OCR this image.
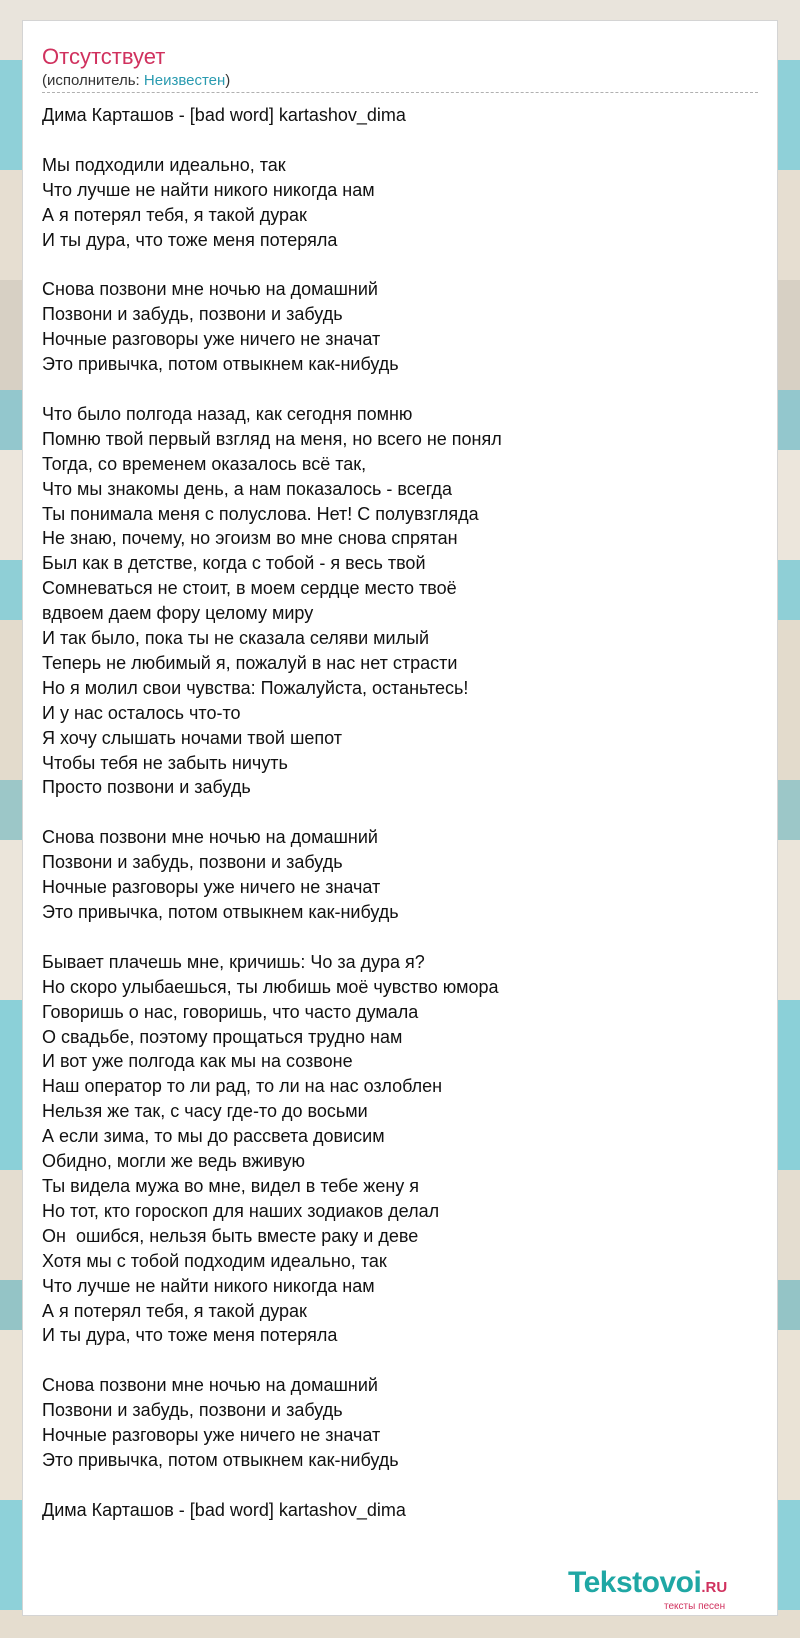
Отсутствует
(исполнитель: Неизвестен)
Дима Карташов - [bad word] kartashov_dima

Мы подходили идеально, так
Что лучше не найти никого никогда нам
А я потерял тебя, я такой дурак
И ты дура, что тоже меня потеряла

Снова позвони мне ночью на домашний
Позвони и забудь, позвони и забудь
Ночные разговоры уже ничего не значат
Это привычка, потом отвыкнем как-нибудь

Что было полгода назад, как сегодня помню
Помню твой первый взгляд на меня, но всего не понял
Тогда, со временем оказалось всё так,
Что мы знакомы день, а нам показалось - всегда
Ты понимала меня с полуслова. Нет! С полувзгляда
Не знаю, почему, но эгоизм во мне снова спрятан
Был как в детстве, когда с тобой - я весь твой
Сомневаться не стоит, в моем сердце место твоё
вдвоем даем фору целому миру
И так было, пока ты не сказала селяви милый
Теперь не любимый я, пожалуй в нас нет страсти
Но я молил свои чувства: Пожалуйста, останьтесь!
И у нас осталось что-то
Я хочу слышать ночами твой шепот
Чтобы тебя не забыть ничуть
Просто позвони и забудь

Снова позвони мне ночью на домашний
Позвони и забудь, позвони и забудь
Ночные разговоры уже ничего не значат
Это привычка, потом отвыкнем как-нибудь

Бывает плачешь мне, кричишь: Чо за дура я?
Но скоро улыбаешься, ты любишь моё чувство юмора
Говоришь о нас, говоришь, что часто думала
О свадьбе, поэтому прощаться трудно нам
И вот уже полгода как мы на созвоне
Наш оператор то ли рад, то ли на нас озлоблен
Нельзя же так, с часу где-то до восьми
А если зима, то мы до рассвета довисим
Обидно, могли же ведь вживую
Ты видела мужа во мне, видел в тебе жену я
Но тот, кто гороскоп для наших зодиаков делал
Он  ошибся, нельзя быть вместе раку и деве
Хотя мы с тобой подходим идеально, так
Что лучше не найти никого никогда нам
А я потерял тебя, я такой дурак
И ты дура, что тоже меня потеряла

Снова позвони мне ночью на домашний
Позвони и забудь, позвони и забудь
Ночные разговоры уже ничего не значат
Это привычка, потом отвыкнем как-нибудь

Дима Карташов - [bad word] kartashov_dima
Tekstovoi.RU
тексты песен
